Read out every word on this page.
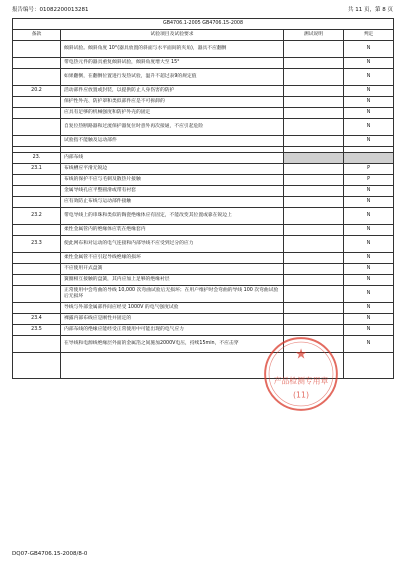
报告编号：01082200013281	共 11 页，第 8 页
GB4706.1-2005 GB4706.15-2008			
条款	试验项目及试验要求	测试说明	判定
	倾斜试验。倾斜角度 10°(器具放置的斜面与水平面间的夹角)，器具不应翻倒		N
	带电热元件的器具重复倾斜试验，倾斜角度增大至 15°		N
	如果翻倒，在翻倒位置进行发热试验，温升不超过表9的规定值		N
20.2	活动部件应放置或封装，以提供防止人身伤害的防护		N
	保护性外壳、防护罩和类似部件应是不可拆卸的		N
	应具有足够的机械强度和防护外壳的固定		N
	自复位热断路器和过流保护器复位时意外再次接通，不应引起危险		N
	试验指不能触及运动部件		N

23.	内部布线		
23.1	布线槽应平滑无锐边		P
	布线的保护不应与毛刺及散热片接触		P
	金属导线孔应平整圆滑或带有衬套		N
	应有效防止布线与运动部件接触		N
23.2	带电导线上的串珠和类似的陶瓷绝缘体应有固定，不能改变其位置或靠在锐边上		N
	柔性金属管内的绝缘体应装在绝缘套内		N
23.3	使此网布和对运动的电气连接和内部导线不应受到过分的应力		N
	柔性金属管不应引起导线绝缘的损坏		N
	不应使用开式盘簧		N
	簧圈相互接触的盘簧，其内应加上足够的绝缘衬层		N
	正常使用中会弯曲的导线 10,000 次弯曲试验后无损坏；在用户维护时会弯曲的导线 100 次弯曲试验后无损坏		N
	导线与外部金属部件间应经受 1000V 的电气强度试验		N
23.4	裸露内部布线应是刚性并固定的		N
23.5	内部布线的绝缘应能经受正常使用中可能出现的电气应力		N
	在导线和电源线绝缘层外面的金属箔之间施加2000V电压，持续15min，不应击穿		N

★
产品检测专用章
(11)
DQ07-GB4706.15-2008/8-0
